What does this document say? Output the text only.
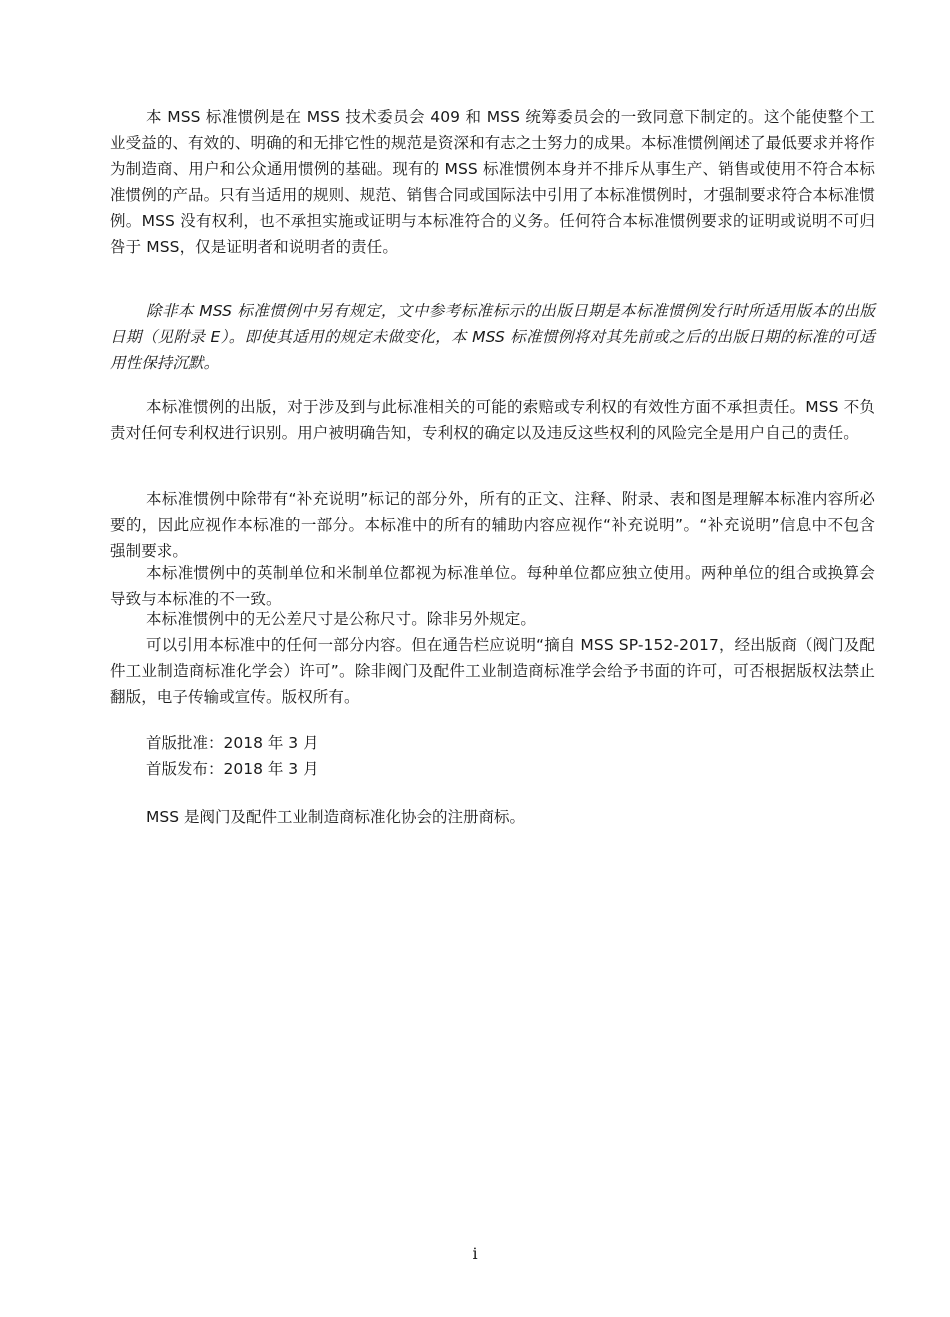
本 MSS 标准惯例是在 MSS 技术委员会 409 和 MSS 统筹委员会的一致同意下制定的。这个能使整个工业受益的、有效的、明确的和无排它性的规范是资深和有志之士努力的成果。本标准惯例阐述了最低要求并将作为制造商、用户和公众通用惯例的基础。现有的 MSS 标准惯例本身并不排斥从事生产、销售或使用不符合本标准惯例的产品。只有当适用的规则、规范、销售合同或国际法中引用了本标准惯例时，才强制要求符合本标准惯例。MSS 没有权利，也不承担实施或证明与本标准符合的义务。任何符合本标准惯例要求的证明或说明不可归咎于 MSS，仅是证明者和说明者的责任。

除非本 MSS 标准惯例中另有规定，文中参考标准标示的出版日期是本标准惯例发行时所适用版本的出版日期（见附录 E）。即使其适用的规定未做变化，本 MSS 标准惯例将对其先前或之后的出版日期的标准的可适用性保持沉默。

本标准惯例的出版，对于涉及到与此标准相关的可能的索赔或专利权的有效性方面不承担责任。MSS 不负责对任何专利权进行识别。用户被明确告知，专利权的确定以及违反这些权利的风险完全是用户自己的责任。

本标准惯例中除带有“补充说明”标记的部分外，所有的正文、注释、附录、表和图是理解本标准内容所必要的，因此应视作本标准的一部分。本标准中的所有的辅助内容应视作“补充说明”。“补充说明”信息中不包含强制要求。

本标准惯例中的英制单位和米制单位都视为标准单位。每种单位都应独立使用。两种单位的组合或换算会导致与本标准的不一致。

本标准惯例中的无公差尺寸是公称尺寸。除非另外规定。

可以引用本标准中的任何一部分内容。但在通告栏应说明“摘自 MSS SP-152-2017，经出版商（阀门及配件工业制造商标准化学会）许可”。除非阀门及配件工业制造商标准学会给予书面的许可，可否根据版权法禁止翻版，电子传输或宣传。版权所有。

首版批准：2018 年 3 月

首版发布：2018 年 3 月

MSS 是阀门及配件工业制造商标准化协会的注册商标。

i
